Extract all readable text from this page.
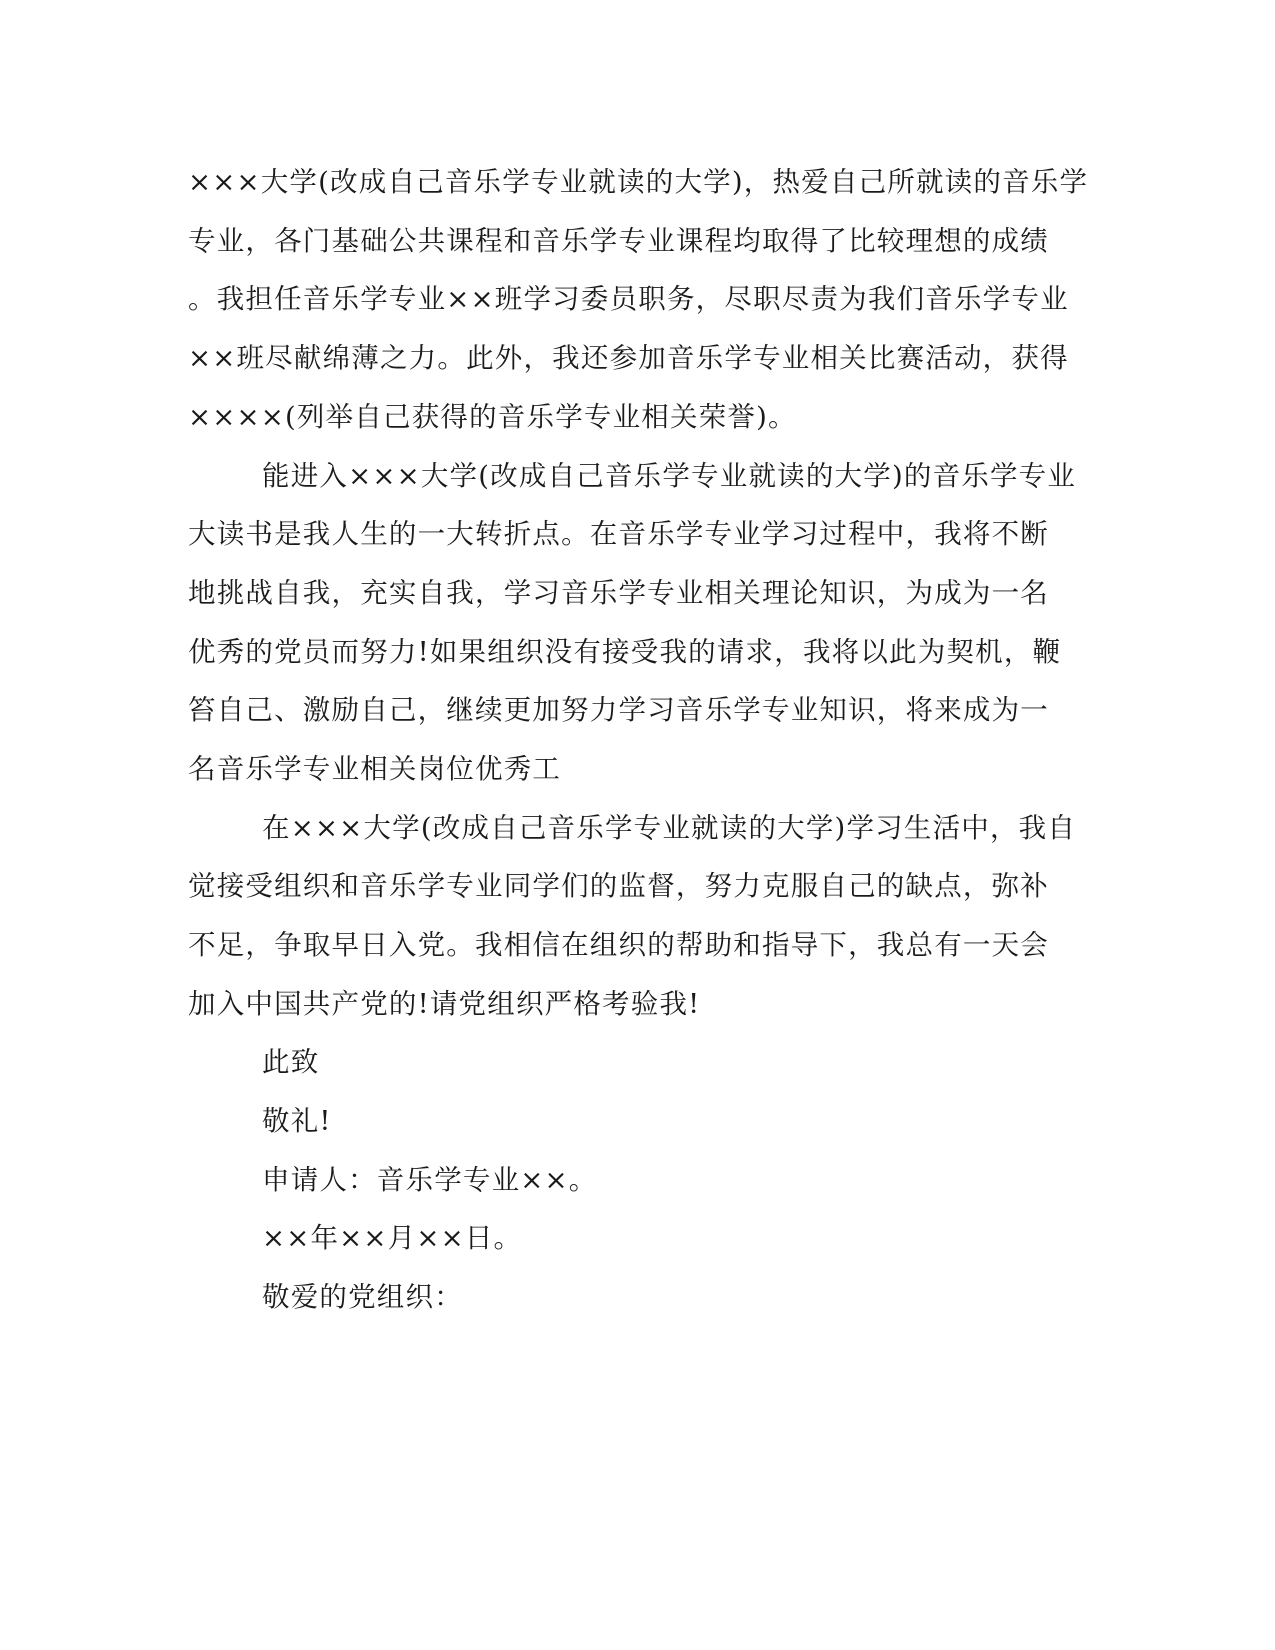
×××大学(改成自己音乐学专业就读的大学)，热爱自己所就读的音乐学
专业，各门基础公共课程和音乐学专业课程均取得了比较理想的成绩
。我担任音乐学专业××班学习委员职务，尽职尽责为我们音乐学专业
××班尽献绵薄之力。此外，我还参加音乐学专业相关比赛活动，获得
××××(列举自己获得的音乐学专业相关荣誉)。
能进入×××大学(改成自己音乐学专业就读的大学)的音乐学专业
大读书是我人生的一大转折点。在音乐学专业学习过程中，我将不断
地挑战自我，充实自我，学习音乐学专业相关理论知识，为成为一名
优秀的党员而努力!如果组织没有接受我的请求，我将以此为契机，鞭
笞自己、激励自己，继续更加努力学习音乐学专业知识，将来成为一
名音乐学专业相关岗位优秀工
在×××大学(改成自己音乐学专业就读的大学)学习生活中，我自
觉接受组织和音乐学专业同学们的监督，努力克服自己的缺点，弥补
不足，争取早日入党。我相信在组织的帮助和指导下，我总有一天会
加入中国共产党的!请党组织严格考验我!
此致
敬礼!
申请人：音乐学专业××。
××年××月××日。
敬爱的党组织：
